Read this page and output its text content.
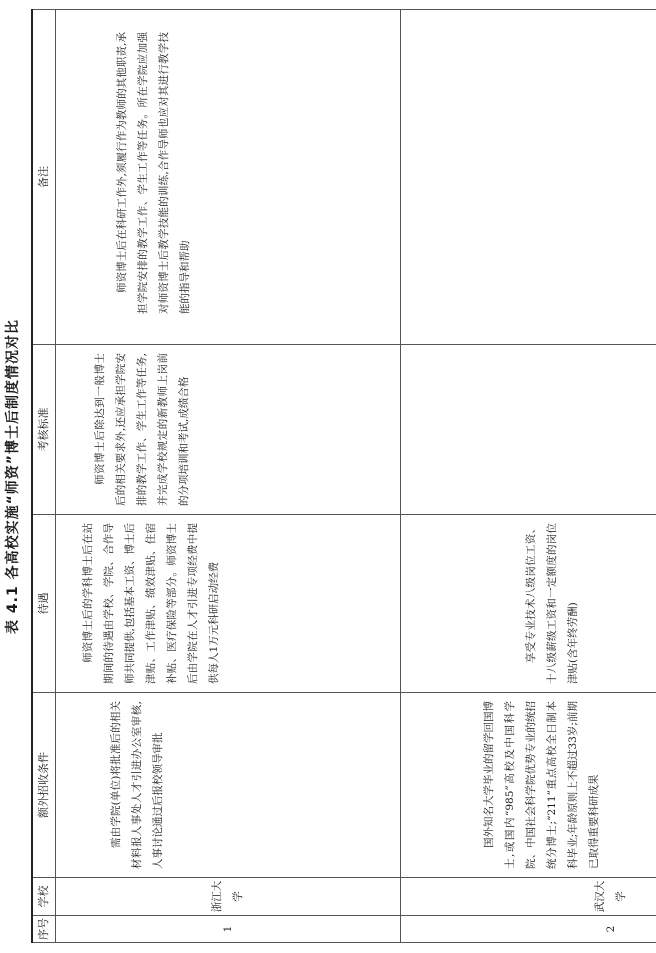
表 4.1 各高校实施“师资”博士后制度情况对比
序号	学校	额外招收条件	待遇	考核标准	备注
1	浙江大学	需由学院(单位)将批准后的相关材料报人事处人才引进办公室审核,人事讨论通过后报校领导审批	师资博士后的学科博士后在站期间的待遇由学校、学院、合作导师共同提供,包括基本工资、博士后津贴、工作津贴、绩效津贴、住宿补贴、医疗保险等部分。师资博士后由学院在人才引进专项经费中提供每人1万元科研启动经费	师资博士后除达到一般博士后的相关要求外,还应承担学院安排的教学工作、学生工作等任务,并完成学校规定的新教师上岗前的分项培训和考试,成绩合格	师资博士后在科研工作外,须履行作为教师的其他职责,承担学院安排的教学工作、学生工作等任务。所在学院应加强对师资博士后教学技能的训练,合作导师也应对其进行教学技能的指导和帮助

2	武汉大学	国外知名大学毕业的留学回国博士,或国内“985”高校及中国科学院、中国社会科学院优势专业的统招统分博士;“211”重点高校全日制本科毕业;年龄原则上不超过33岁;前期已取得重要科研成果	享受专业技术八级岗位工资、十八级薪级工资和一定额度的岗位津贴(含年终劳酬)		
